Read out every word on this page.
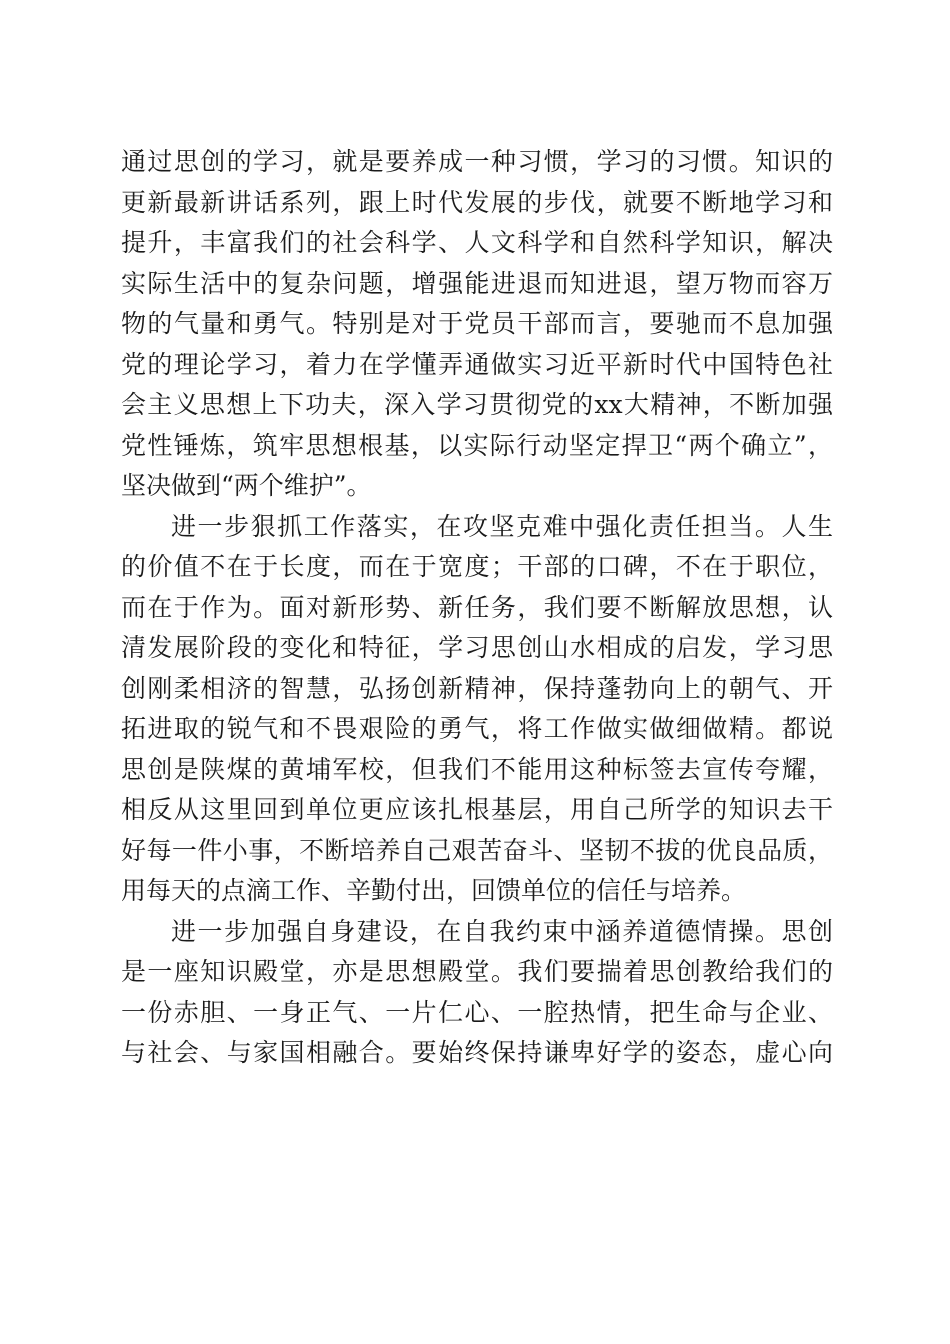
通过思创的学习，就是要养成一种习惯，学习的习惯。知识的
更新最新讲话系列，跟上时代发展的步伐，就要不断地学习和
提升，丰富我们的社会科学、人文科学和自然科学知识，解决
实际生活中的复杂问题，增强能进退而知进退，望万物而容万
物的气量和勇气。特别是对于党员干部而言，要驰而不息加强
党的理论学习，着力在学懂弄通做实习近平新时代中国特色社
会主义思想上下功夫，深入学习贯彻党的xx大精神，不断加强
党性锤炼，筑牢思想根基，以实际行动坚定捍卫“两个确立”，
坚决做到“两个维护”。
进一步狠抓工作落实，在攻坚克难中强化责任担当。人生
的价值不在于长度，而在于宽度；干部的口碑，不在于职位，
而在于作为。面对新形势、新任务，我们要不断解放思想，认
清发展阶段的变化和特征，学习思创山水相成的启发，学习思
创刚柔相济的智慧，弘扬创新精神，保持蓬勃向上的朝气、开
拓进取的锐气和不畏艰险的勇气，将工作做实做细做精。都说
思创是陕煤的黄埔军校，但我们不能用这种标签去宣传夸耀，
相反从这里回到单位更应该扎根基层，用自己所学的知识去干
好每一件小事，不断培养自己艰苦奋斗、坚韧不拔的优良品质，
用每天的点滴工作、辛勤付出，回馈单位的信任与培养。
进一步加强自身建设，在自我约束中涵养道德情操。思创
是一座知识殿堂，亦是思想殿堂。我们要揣着思创教给我们的
一份赤胆、一身正气、一片仁心、一腔热情，把生命与企业、
与社会、与家国相融合。要始终保持谦卑好学的姿态，虚心向
